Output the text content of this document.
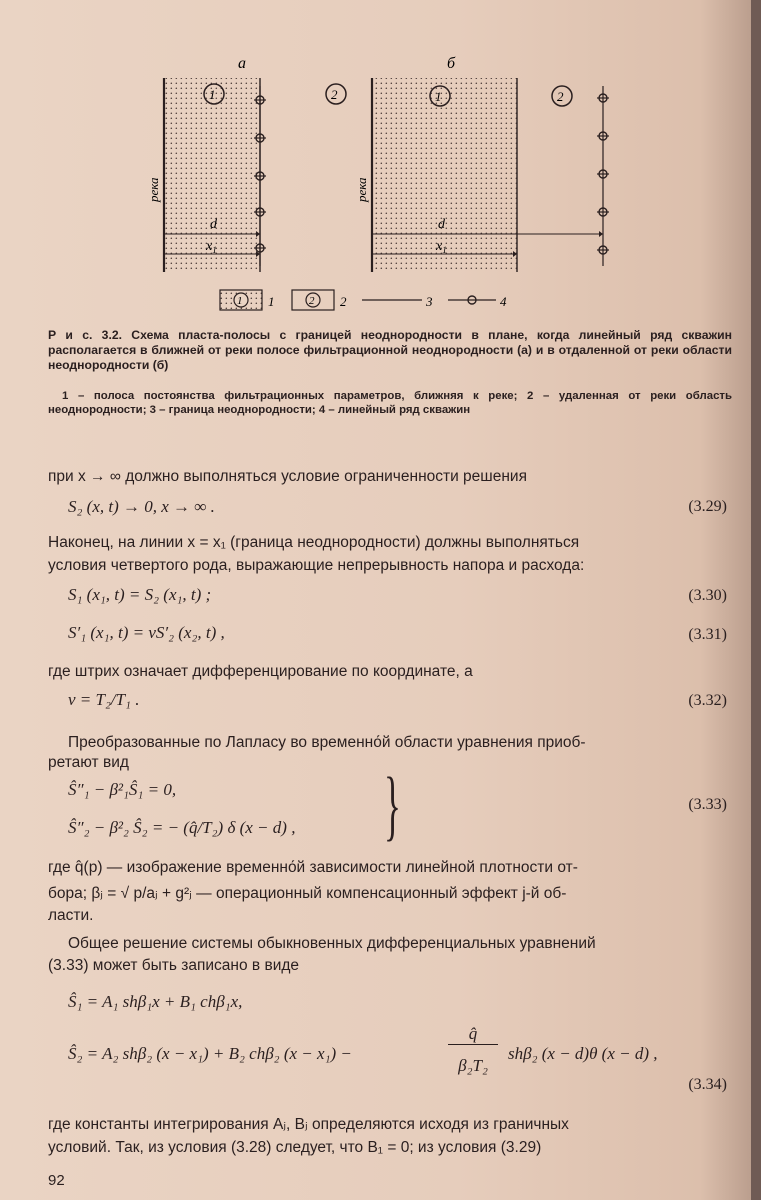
а	б
река
1	2
d
$x_1$
река
1	2
d
$x_1$
1 1	2 2	3	4
Р и с. 3.2. Схема пласта-полосы с границей неоднородности в плане, когда линейный ряд скважин располагается в ближней от реки полосе фильтрационной неоднородности (а) и в отдаленной от реки области неоднородности (б)
1 – полоса постоянства фильтрационных параметров, ближняя к реке; 2 – удаленная от реки область неоднородности; 3 – граница неоднородности; 4 – линейный ряд скважин
при x → ∞ должно выполняться условие ограниченности решения
S₂ (x, t) → 0, x → ∞ .	(3.29)
Наконец, на линии x = x₁ (граница неоднородности) должны выполняться
условия четвертого рода, выражающие непрерывность напора и расхода:
S₁ (x₁, t) = S₂ (x₁, t) ;	(3.30)
S′₁ (x₁, t) = νS′₂ (x₂, t) ,	(3.31)
где штрих означает дифференцирование по координате, а
ν = T₂/T₁ .	(3.32)
Преобразованные по Лапласу во временно́й области уравнения приоб-
ретают вид
Ŝ″₁ − β²₁Ŝ₁ = 0,
Ŝ″₂ − β²₂ Ŝ₂ = − (q̂/T₂) δ (x − d) , }	(3.33)
где q̂(p) — изображение временно́й зависимости линейной плотности от-
бора; βⱼ = √ p/aⱼ + g²ⱼ — операционный компенсационный эффект j-й об-
ласти.
Общее решение системы обыкновенных дифференциальных уравнений
(3.33) может быть записано в виде
Ŝ₁ = A₁ shβ₁x + B₁ chβ₁x,
Ŝ₂ = A₂ shβ₂ (x − x₁) + B₂ chβ₂ (x − x₁) −
q̂
β₂T₂
shβ₂ (x − d)θ (x − d) ,
(3.34)
где константы интегрирования Aⱼ, Bⱼ определяются исходя из граничных
условий. Так, из условия (3.28) следует, что B₁ = 0; из условия (3.29)
92
